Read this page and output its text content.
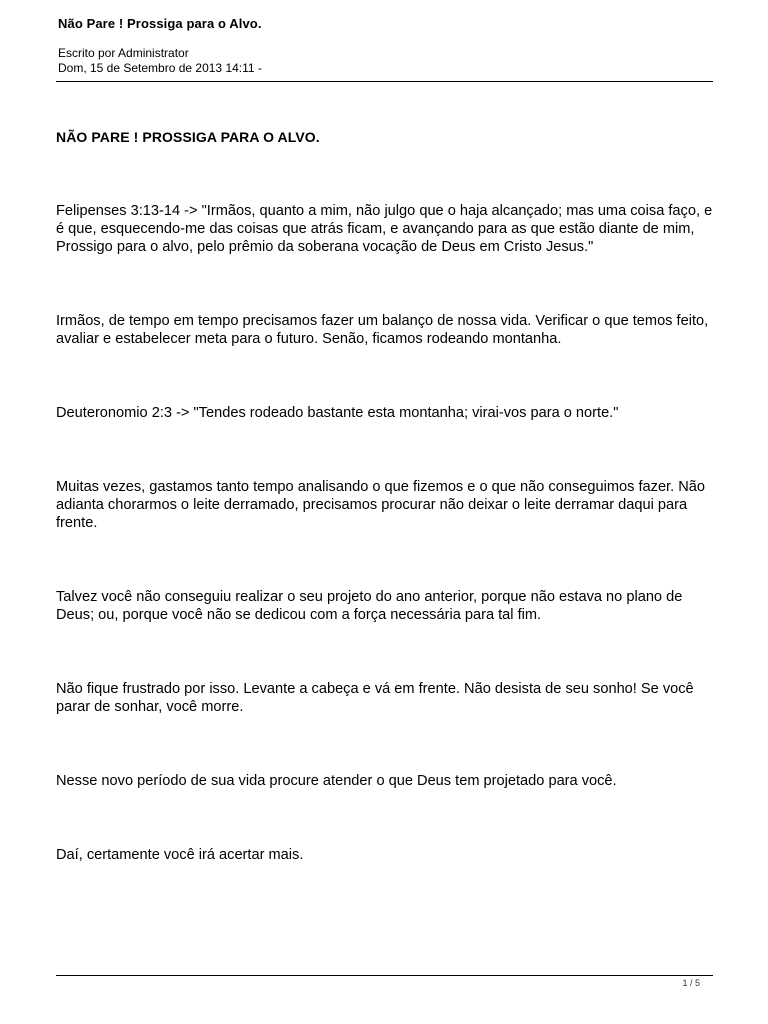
Não Pare ! Prossiga para o Alvo.
Escrito por Administrator
Dom, 15 de Setembro de 2013 14:11 -

NÃO PARE ! PROSSIGA PARA O ALVO.

Felipenses 3:13-14 -> "Irmãos, quanto a mim, não julgo que o haja alcançado; mas uma coisa faço, e é que, esquecendo-me das coisas que atrás ficam, e avançando para as que estão diante de mim, Prossigo para o alvo, pelo prêmio da soberana vocação de Deus em Cristo Jesus."

Irmãos, de tempo em tempo precisamos fazer um balanço de nossa vida. Verificar o que temos feito, avaliar e estabelecer meta para o futuro. Senão, ficamos rodeando montanha.

Deuteronomio 2:3 -> "Tendes rodeado bastante esta montanha; virai-vos para o norte."

Muitas vezes, gastamos tanto tempo analisando o que fizemos e o que não conseguimos fazer. Não adianta chorarmos o leite derramado, precisamos procurar não deixar o leite derramar daqui para frente.

Talvez você não conseguiu realizar o seu projeto do ano anterior, porque não estava no plano de Deus; ou, porque você não se dedicou com a força necessária para tal fim.

Não fique frustrado por isso. Levante a cabeça e vá em frente. Não desista de seu sonho! Se você parar de sonhar, você morre.

Nesse novo período de sua vida procure atender o que Deus tem projetado para você.

Daí, certamente você irá acertar mais.

1 / 5
